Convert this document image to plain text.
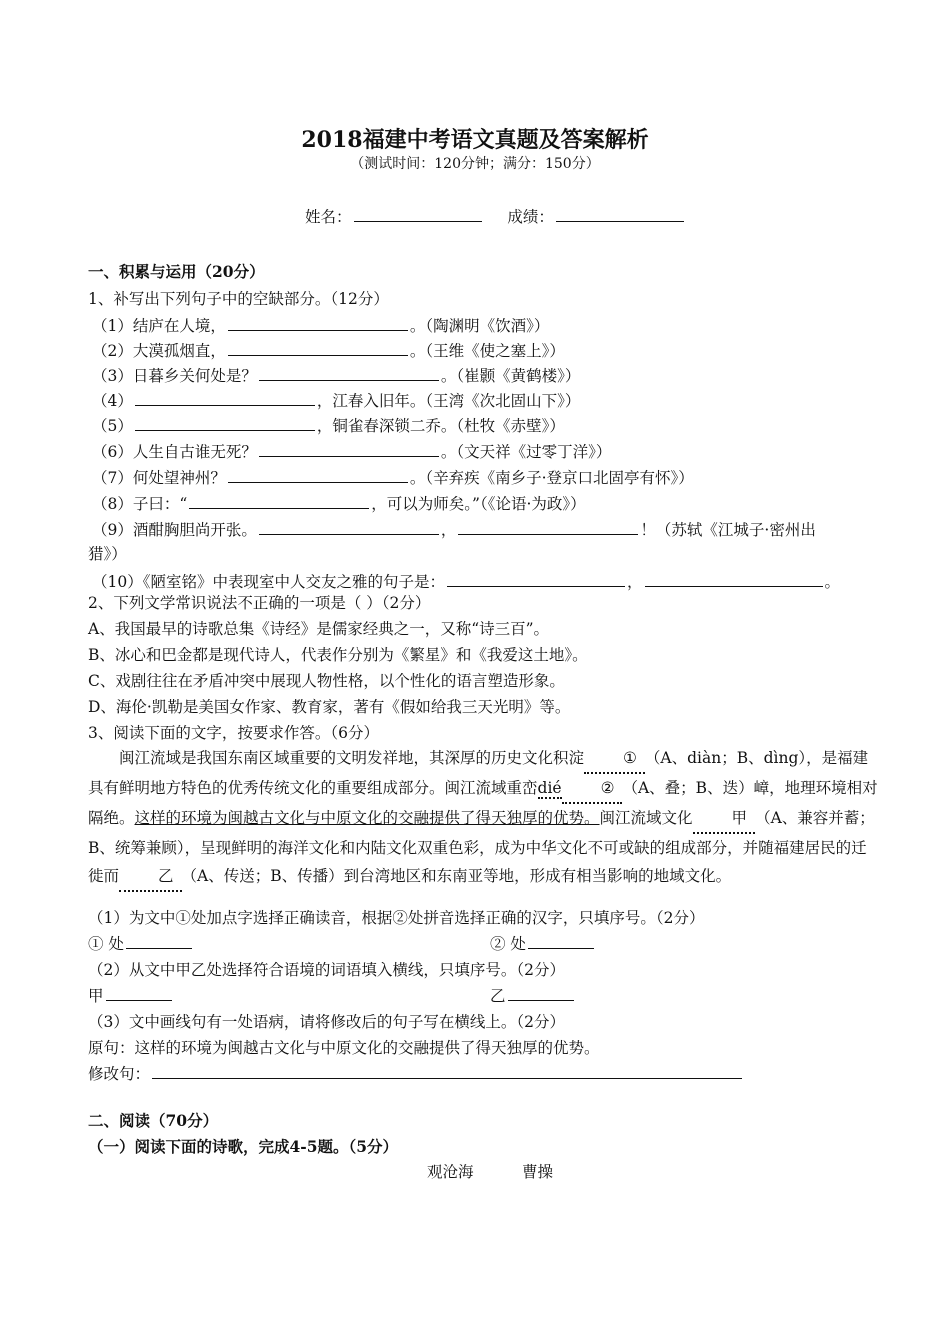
2018福建中考语文真题及答案解析
（测试时间：120分钟；满分：150分）
姓名：	成绩：
一、积累与运用（20分）
1、补写出下列句子中的空缺部分。（12分）
（1）结庐在人境，	。（陶渊明《饮酒》）
（2）大漠孤烟直，	。（王维《使之塞上》）
（3）日暮乡关何处是？	。（崔颢《黄鹤楼》）
（4）	，江春入旧年。（王湾《次北固山下》）
（5）	，铜雀春深锁二乔。（杜牧《赤壁》）
（6）人生自古谁无死？	。（文天祥《过零丁洋》）
（7）何处望神州？	。（辛弃疾《南乡子·登京口北固亭有怀》）
（8）子曰：“	，可以为师矣。”（《论语·为政》）
（9）酒酣胸胆尚开张。	，	！（苏轼《江城子·密州出
猎》）
（10）《陋室铭》中表现室中人交友之雅的句子是：	，	。
2、下列文学常识说法不正确的一项是（ ）（2分）
A、我国最早的诗歌总集《诗经》是儒家经典之一，又称“诗三百”。
B、冰心和巴金都是现代诗人，代表作分别为《繁星》和《我爱这土地》。
C、戏剧往往在矛盾冲突中展现人物性格，以个性化的语言塑造形象。
D、海伦·凯勒是美国女作家、教育家，著有《假如给我三天光明》等。
3、阅读下面的文字，按要求作答。（6分）
闽江流域是我国东南区域重要的文明发祥地，其深厚的历史文化积淀	① （A、diàn；B、dìng），是福建具有鲜明地方特色的优秀传统文化的重要组成部分。闽江流域重峦dié	② （A、叠；B、迭）嶂，地理环境相对隔绝。这样的环境为闽越古文化与中原文化的交融提供了得天独厚的优势。闽江流域文化	甲 （A、兼容并蓄；B、统筹兼顾），呈现鲜明的海洋文化和内陆文化双重色彩，成为中华文化不可或缺的组成部分，并随福建居民的迁徙而	乙 （A、传送；B、传播）到台湾地区和东南亚等地，形成有相当影响的地域文化。
（1）为文中①处加点字选择正确读音，根据②处拼音选择正确的汉字，只填序号。（2分）
① 处	② 处
（2）从文中甲乙处选择符合语境的词语填入横线，只填序号。（2分）
甲	乙
（3）文中画线句有一处语病，请将修改后的句子写在横线上。（2分）
原句：这样的环境为闽越古文化与中原文化的交融提供了得天独厚的优势。
修改句：
二、阅读（70分）
（一）阅读下面的诗歌，完成4-5题。（5分）
观沧海	曹操
